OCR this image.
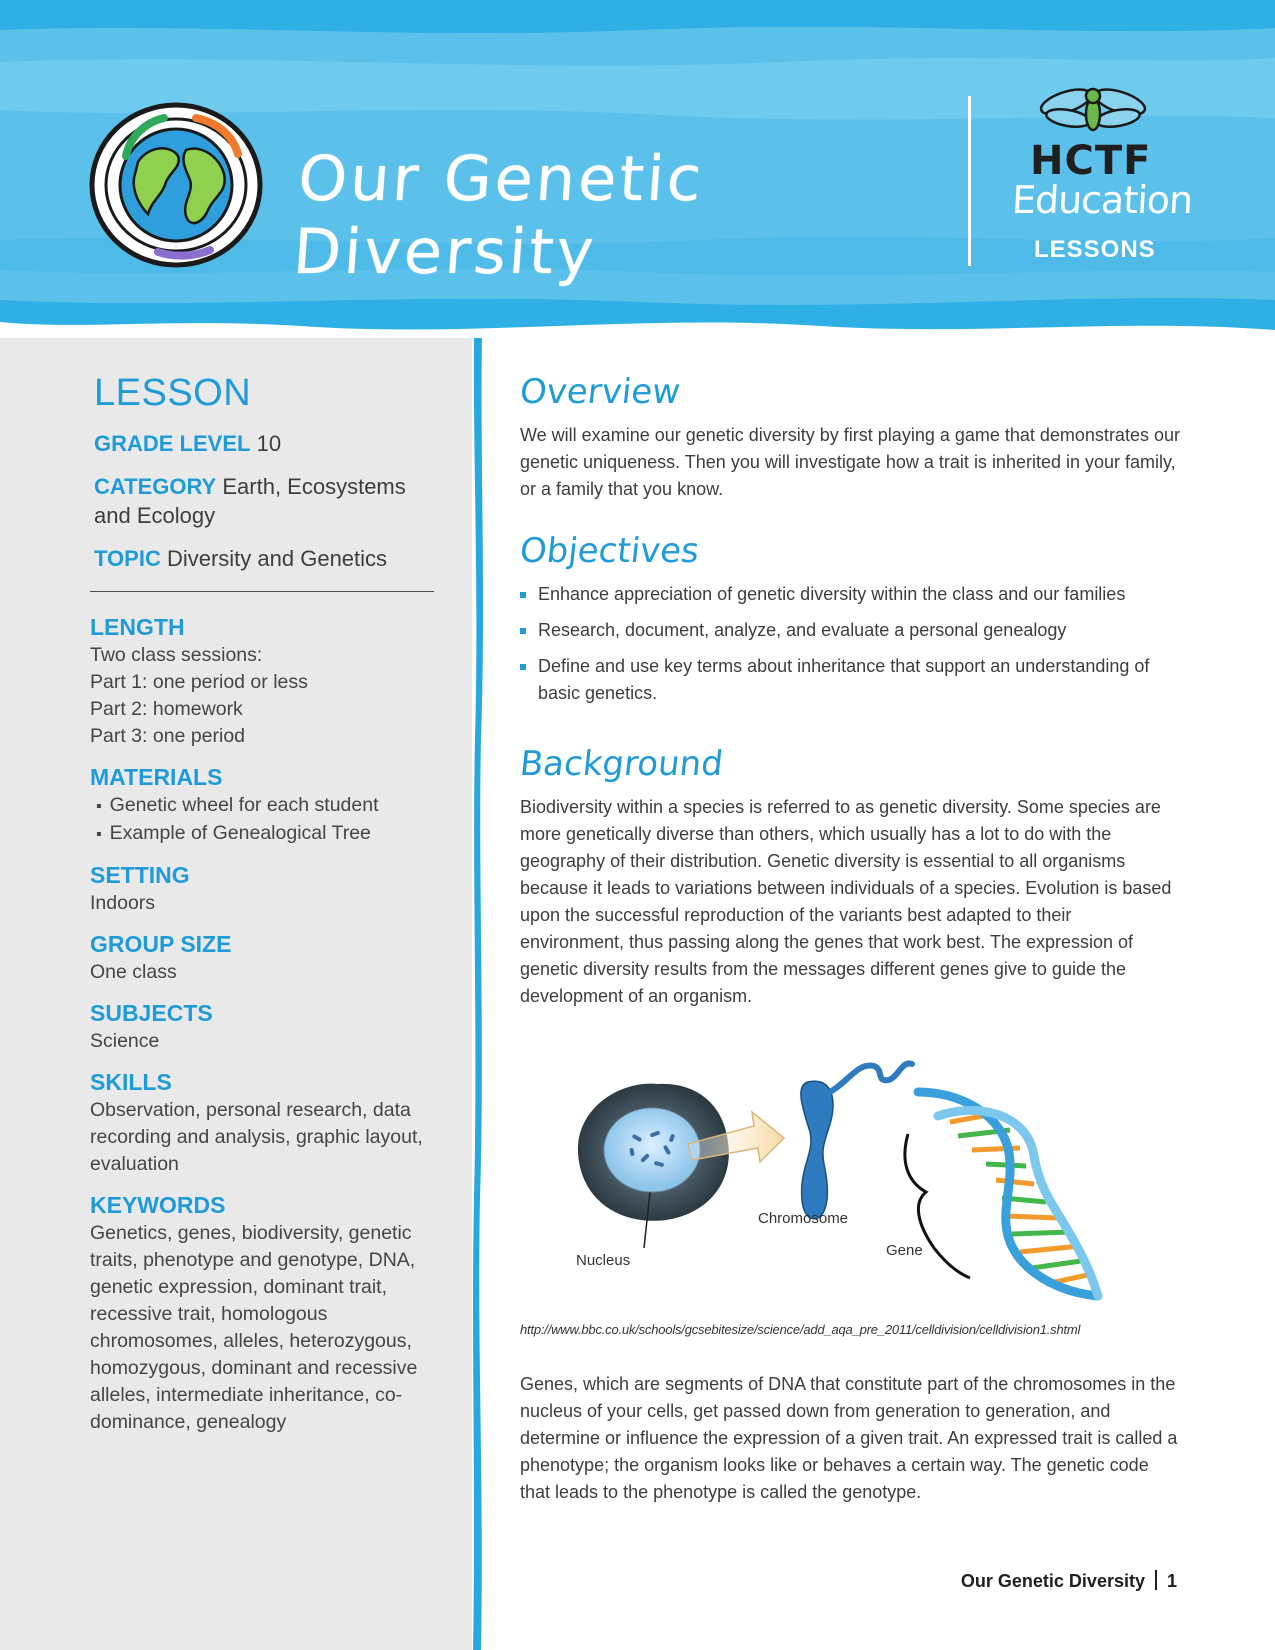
Our Genetic Diversity
HCTF
Education
LESSONS
LESSON
GRADE LEVEL 10
CATEGORY Earth, Ecosystems and Ecology
TOPIC Diversity and Genetics
LENGTH

Two class sessions:

Part 1: one period or less

Part 2: homework

Part 3: one period

MATERIALS
▪ Genetic wheel for each student
▪ Example of Genealogical Tree
SETTING

Indoors

GROUP SIZE

One class

SUBJECTS

Science

SKILLS

Observation, personal research, data recording and analysis, graphic layout, evaluation

KEYWORDS

Genetics, genes, biodiversity, genetic traits, phenotype and genotype, DNA, genetic expression, dominant trait, recessive trait, homologous chromosomes, alleles, heterozygous, homozygous, dominant and recessive alleles, intermediate inheritance, co-dominance, genealogy

Overview

We will examine our genetic diversity by first playing a game that demonstrates our genetic uniqueness. Then you will investigate how a trait is inherited in your family, or a family that you know.

Objectives
Enhance appreciation of genetic diversity within the class and our families
Research, document, analyze, and evaluate a personal genealogy
Define and use key terms about inheritance that support an understanding of basic genetics.
Background

Biodiversity within a species is referred to as genetic diversity. Some species are more genetically diverse than others, which usually has a lot to do with the geography of their distribution. Genetic diversity is essential to all organisms because it leads to variations between individuals of a species. Evolution is based upon the successful reproduction of the variants best adapted to their environment, thus passing along the genes that work best. The expression of genetic diversity results from the messages different genes give to guide the development of an organism.

Nucleus
Chromosome
Gene
http://www.bbc.co.uk/schools/gcsebitesize/science/add_aqa_pre_2011/celldivision/celldivision1.shtml

Genes, which are segments of DNA that constitute part of the chromosomes in the nucleus of your cells, get passed down from generation to generation, and determine or influence the expression of a given trait. An expressed trait is called a phenotype; the organism looks like or behaves a certain way. The genetic code that leads to the phenotype is called the genotype.

Our Genetic Diversity 1
